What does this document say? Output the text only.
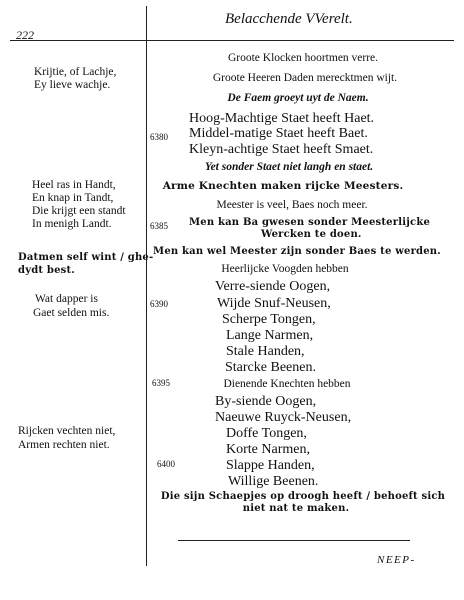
222
Belacchende VVerelt.
Krijtie, of Lachje,
Ey lieve wachje.
Heel ras in Handt,
En knap in Tandt,
Die krijgt een standt
In menigh Landt.
Datmen self wint / ghe-
dydt best.
Wat dapper is
Gaet selden mis.
Rijcken vechten niet,
Armen rechten niet.
6380
6385
6390
6395
6400
Groote Klocken hoortmen verre.
Groote Heeren Daden merecktmen wijt.
De Faem groeyt uyt de Naem.
Hoog-Machtige Staet heeft Haet.
Middel-matige Staet heeft Baet.
Kleyn-achtige Staet heeft Smaet.
Yet sonder Staet niet langh en staet.
Arme Knechten maken rijcke Meesters.
Meester is veel, Baes noch meer.
Men kan Ba gwesen sonder Meesterlijcke
Wercken te doen.
Men kan wel Meester zijn sonder Baes te werden.
Heerlijcke Voogden hebben
Verre-siende Oogen,
Wijde Snuf-Neusen,
Scherpe Tongen,
Lange Narmen,
Stale Handen,
Starcke Beenen.
Dienende Knechten hebben
By-siende Oogen,
Naeuwe Ruyck-Neusen,
Doffe Tongen,
Korte Narmen,
Slappe Handen,
Willige Beenen.
Die sijn Schaepjes op droogh heeft / behoeft sich
niet nat te maken.
NEEP-
